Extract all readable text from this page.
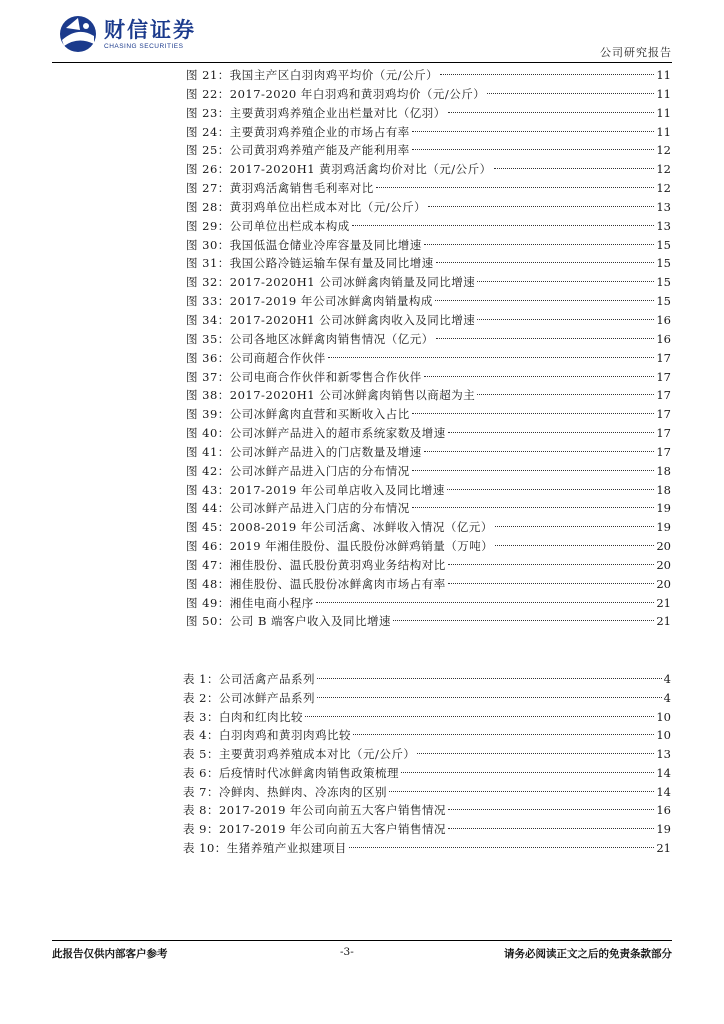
财信证券
CHASING SECURITIES	公司研究报告
图 21：我国主产区白羽肉鸡平均价（元/公斤）	11
图 22：2017-2020 年白羽鸡和黄羽鸡均价（元/公斤）	11
图 23：主要黄羽鸡养殖企业出栏量对比（亿羽）	11
图 24：主要黄羽鸡养殖企业的市场占有率	11
图 25：公司黄羽鸡养殖产能及产能利用率	12
图 26：2017-2020H1 黄羽鸡活禽均价对比（元/公斤）	12
图 27：黄羽鸡活禽销售毛利率对比	12
图 28：黄羽鸡单位出栏成本对比（元/公斤）	13
图 29：公司单位出栏成本构成	13
图 30：我国低温仓储业冷库容量及同比增速	15
图 31：我国公路冷链运输车保有量及同比增速	15
图 32：2017-2020H1 公司冰鲜禽肉销量及同比增速	15
图 33：2017-2019 年公司冰鲜禽肉销量构成	15
图 34：2017-2020H1 公司冰鲜禽肉收入及同比增速	16
图 35：公司各地区冰鲜禽肉销售情况（亿元）	16
图 36：公司商超合作伙伴	17
图 37：公司电商合作伙伴和新零售合作伙伴	17
图 38：2017-2020H1 公司冰鲜禽肉销售以商超为主	17
图 39：公司冰鲜禽肉直营和买断收入占比	17
图 40：公司冰鲜产品进入的超市系统家数及增速	17
图 41：公司冰鲜产品进入的门店数量及增速	17
图 42：公司冰鲜产品进入门店的分布情况	18
图 43：2017-2019 年公司单店收入及同比增速	18
图 44：公司冰鲜产品进入门店的分布情况	19
图 45：2008-2019 年公司活禽、冰鲜收入情况（亿元）	19
图 46：2019 年湘佳股份、温氏股份冰鲜鸡销量（万吨）	20
图 47：湘佳股份、温氏股份黄羽鸡业务结构对比	20
图 48：湘佳股份、温氏股份冰鲜禽肉市场占有率	20
图 49：湘佳电商小程序	21
图 50：公司 B 端客户收入及同比增速	21
表 1：公司活禽产品系列	4
表 2：公司冰鲜产品系列	4
表 3：白肉和红肉比较	10
表 4：白羽肉鸡和黄羽肉鸡比较	10
表 5：主要黄羽鸡养殖成本对比（元/公斤）	13
表 6：后疫情时代冰鲜禽肉销售政策梳理	14
表 7：冷鲜肉、热鲜肉、冷冻肉的区别	14
表 8：2017-2019 年公司向前五大客户销售情况	16
表 9：2017-2019 年公司向前五大客户销售情况	19
表 10：生猪养殖产业拟建项目	21
此报告仅供内部客户参考	-3-	请务必阅读正文之后的免责条款部分
